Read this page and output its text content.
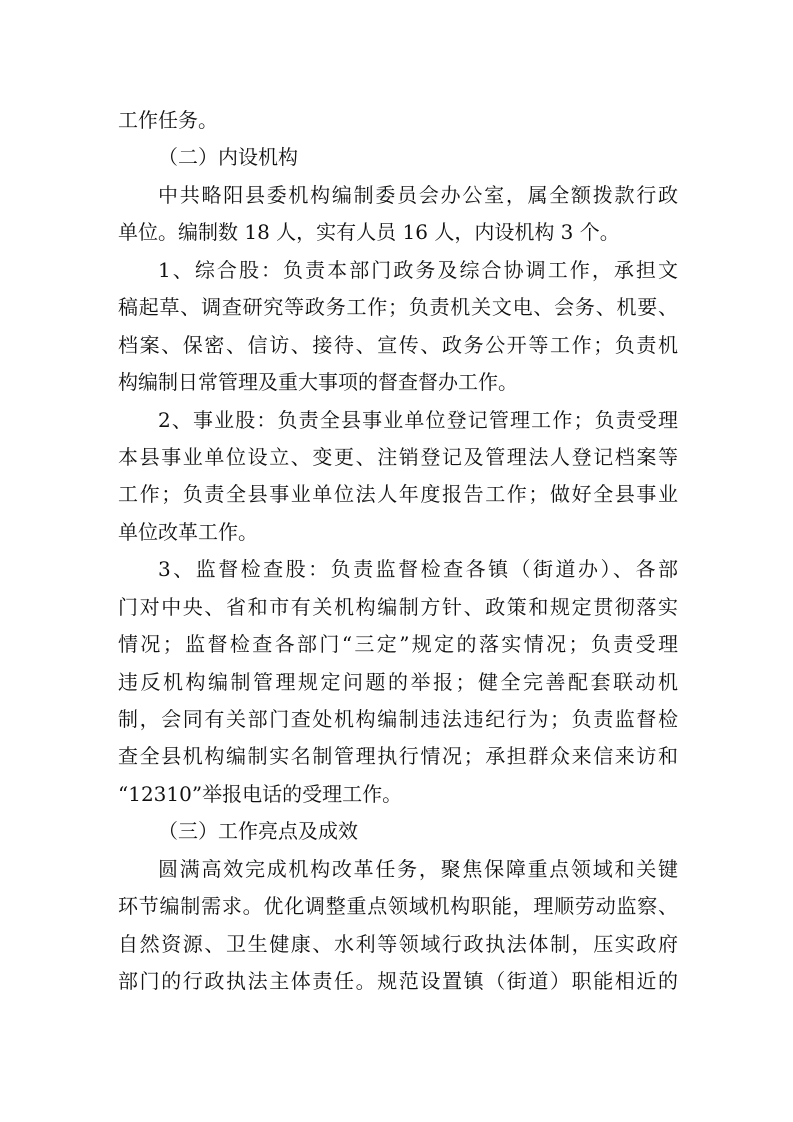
工作任务。
（二）内设机构
中共略阳县委机构编制委员会办公室，属全额拨款行政
单位。编制数 18 人，实有人员 16 人，内设机构 3 个。
1、综合股：负责本部门政务及综合协调工作，承担文
稿起草、调查研究等政务工作；负责机关文电、会务、机要、
档案、保密、信访、接待、宣传、政务公开等工作；负责机
构编制日常管理及重大事项的督查督办工作。
2、事业股：负责全县事业单位登记管理工作；负责受理
本县事业单位设立、变更、注销登记及管理法人登记档案等
工作；负责全县事业单位法人年度报告工作；做好全县事业
单位改革工作。
3、监督检查股：负责监督检查各镇（街道办）、各部
门对中央、省和市有关机构编制方针、政策和规定贯彻落实
情况；监督检查各部门“三定”规定的落实情况；负责受理
违反机构编制管理规定问题的举报；健全完善配套联动机
制，会同有关部门查处机构编制违法违纪行为；负责监督检
查全县机构编制实名制管理执行情况；承担群众来信来访和
“12310”举报电话的受理工作。
（三）工作亮点及成效
圆满高效完成机构改革任务，聚焦保障重点领域和关键
环节编制需求。优化调整重点领域机构职能，理顺劳动监察、
自然资源、卫生健康、水利等领域行政执法体制，压实政府
部门的行政执法主体责任。规范设置镇（街道）职能相近的
